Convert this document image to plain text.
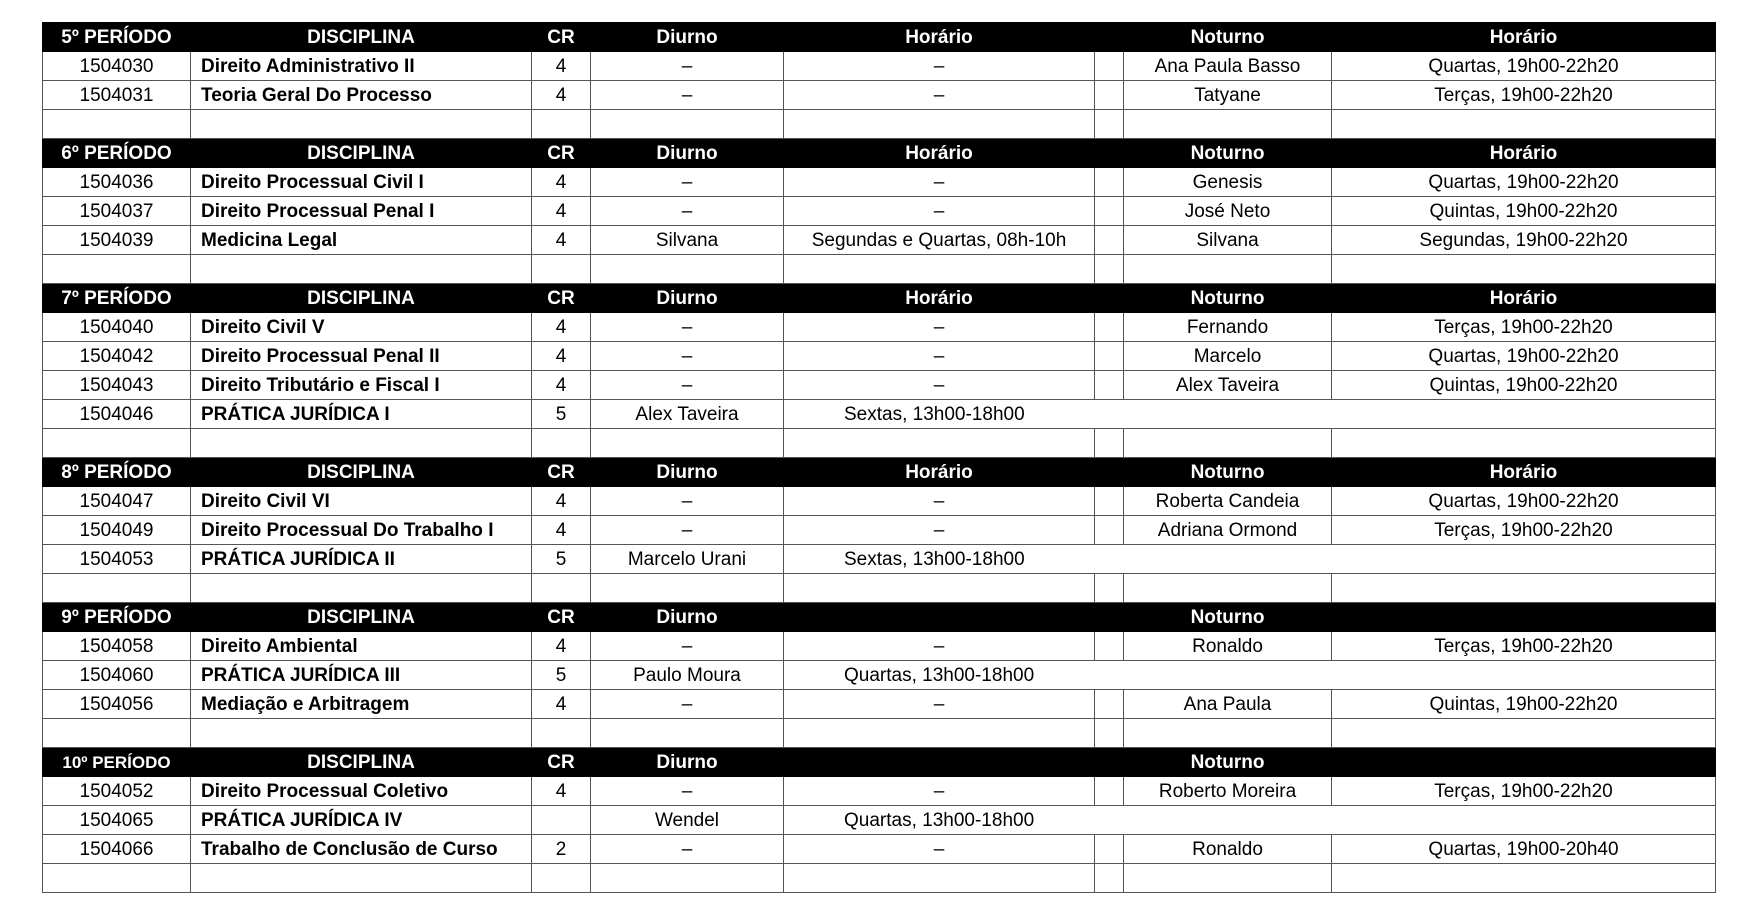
5º PERÍODO	DISCIPLINA	CR	Diurno	Horário		Noturno	Horário
1504030	Direito Administrativo II	4	–	–		Ana Paula Basso	Quartas, 19h00-22h20
1504031	Teoria Geral Do Processo	4	–	–		Tatyane	Terças, 19h00-22h20

6º PERÍODO	DISCIPLINA	CR	Diurno	Horário		Noturno	Horário
1504036	Direito Processual Civil I	4	–	–		Genesis	Quartas, 19h00-22h20
1504037	Direito Processual Penal I	4	–	–		José Neto	Quintas, 19h00-22h20
1504039	Medicina Legal	4	Silvana	Segundas e Quartas, 08h-10h		Silvana	Segundas, 19h00-22h20

7º PERÍODO	DISCIPLINA	CR	Diurno	Horário		Noturno	Horário
1504040	Direito Civil V	4	–	–		Fernando	Terças, 19h00-22h20
1504042	Direito Processual Penal II	4	–	–		Marcelo	Quartas, 19h00-22h20
1504043	Direito Tributário e Fiscal I	4	–	–		Alex Taveira	Quintas, 19h00-22h20
1504046	PRÁTICA JURÍDICA I	5	Alex Taveira	Sextas, 13h00-18h00			

8º PERÍODO	DISCIPLINA	CR	Diurno	Horário		Noturno	Horário
1504047	Direito Civil VI	4	–	–		Roberta Candeia	Quartas, 19h00-22h20
1504049	Direito Processual Do Trabalho I	4	–	–		Adriana Ormond	Terças, 19h00-22h20
1504053	PRÁTICA JURÍDICA II	5	Marcelo Urani	Sextas, 13h00-18h00			

9º PERÍODO	DISCIPLINA	CR	Diurno			Noturno	
1504058	Direito Ambiental	4	–	–		Ronaldo	Terças, 19h00-22h20
1504060	PRÁTICA JURÍDICA III	5	Paulo Moura	Quartas, 13h00-18h00			
1504056	Mediação e Arbitragem	4	–	–		Ana Paula	Quintas, 19h00-22h20

10º PERÍODO	DISCIPLINA	CR	Diurno			Noturno	
1504052	Direito Processual Coletivo	4	–	–		Roberto Moreira	Terças, 19h00-22h20
1504065	PRÁTICA JURÍDICA IV		Wendel	Quartas, 13h00-18h00			
1504066	Trabalho de Conclusão de Curso	2	–	–		Ronaldo	Quartas, 19h00-20h40
